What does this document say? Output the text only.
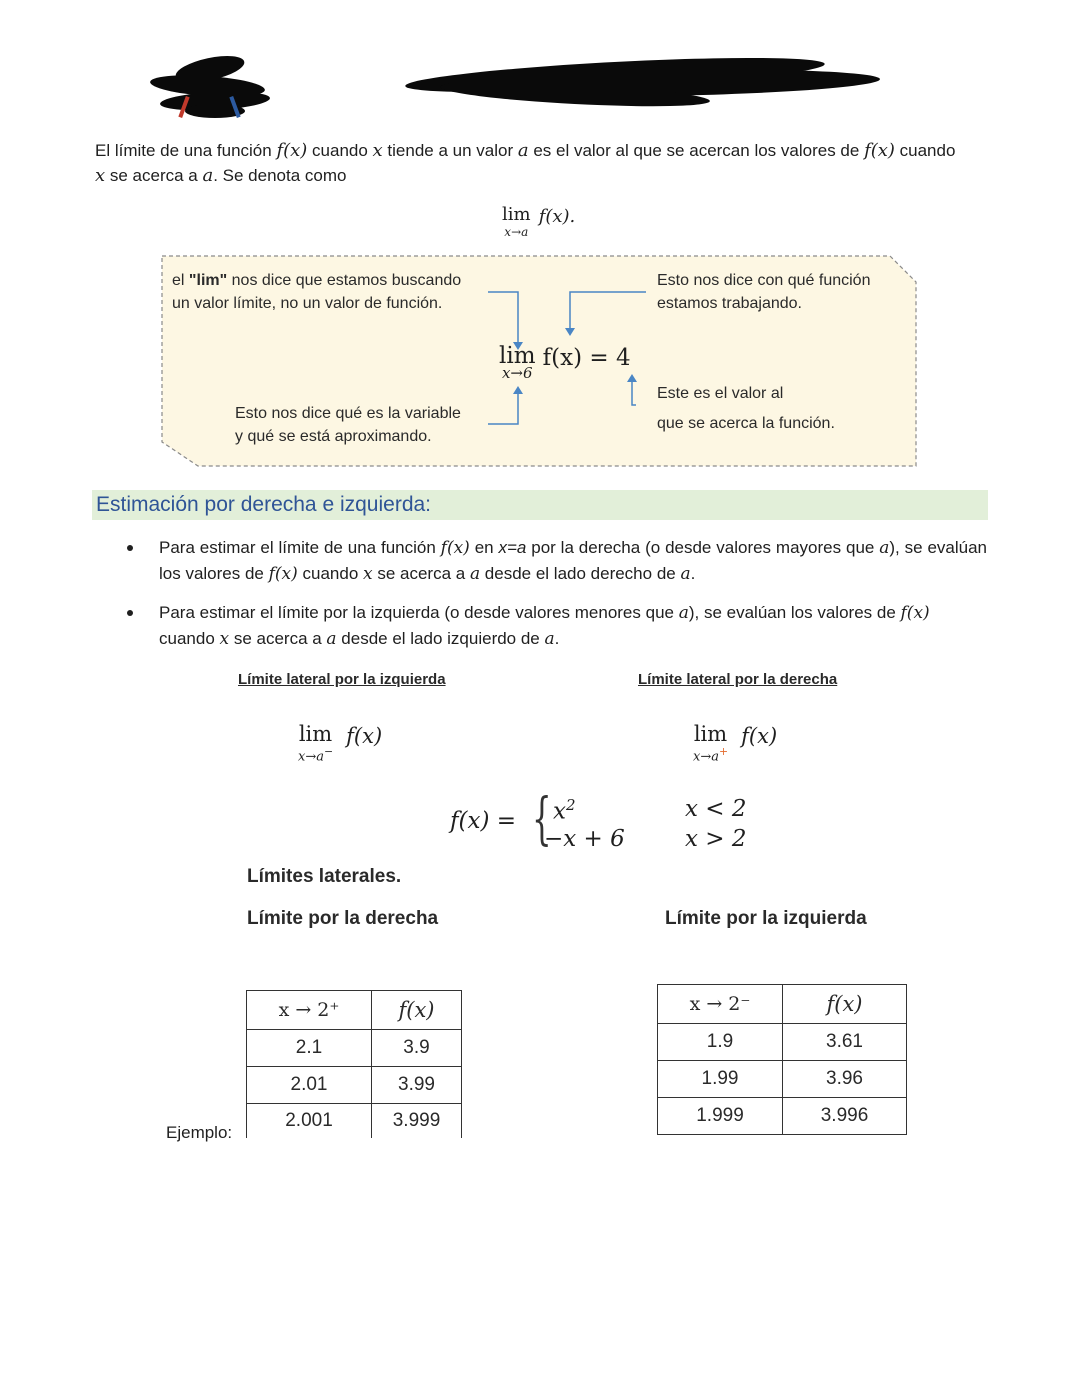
El límite de una función f(x) cuando x tiende a un valor a es el valor al que se acercan los valores de f(x) cuando
x se acerca a a. Se denota como
lim
x→a
f(x).
el "lim" nos dice que estamos buscando
un valor límite, no un valor de función.
Esto nos dice con qué función
estamos trabajando.
Esto nos dice qué es la variable
y qué se está aproximando.
Este es el valor al
que se acerca la función.
lim
x→6
f(x) = 4
Estimación por derecha e izquierda:
Para estimar el límite de una función f(x) en x=a por la derecha (o desde valores mayores que a), se evalúan los valores de f(x) cuando x se acerca a a desde el lado derecho de a.
Para estimar el límite por la izquierda (o desde valores menores que a), se evalúan los valores de f(x)
cuando x se acerca a a desde el lado izquierdo de a.
Límite lateral por la izquierda	Límite lateral por la derecha
lim
x→a−
f(x)	lim
x→a+
f(x)
f(x) = { $x^2$
−x + 6
x < 2
x > 2
Límites laterales.
Límite por la derecha	Límite por la izquierda
Ejemplo:
x → 2⁺	f(x)
2.1	3.9
2.01	3.99
2.001	3.999
x → 2⁻	f(x)
1.9	3.61
1.99	3.96
1.999	3.996
